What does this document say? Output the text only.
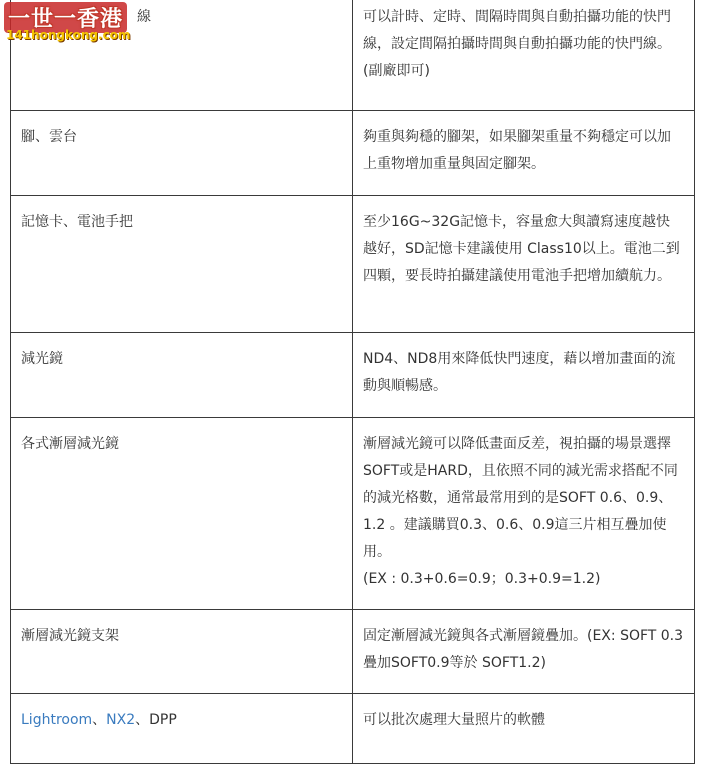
一世一香港
141hongkong.com
線	可以計時、定時、間隔時間與自動拍攝功能的快門線，設定間隔拍攝時間與自動拍攝功能的快門線。(副廠即可)

腳、雲台	夠重與夠穩的腳架，如果腳架重量不夠穩定可以加上重物增加重量與固定腳架。

記憶卡、電池手把	至少16G~32G記憶卡，容量愈大與讀寫速度越快越好，SD記憶卡建議使用 Class10以上。電池二到四顆，要長時拍攝建議使用電池手把增加續航力。

減光鏡	ND4、ND8用來降低快門速度，藉以增加畫面的流動與順暢感。

各式漸層減光鏡	漸層減光鏡可以降低畫面反差，視拍攝的場景選擇SOFT或是HARD，且依照不同的減光需求搭配不同的減光格數，通常最常用到的是SOFT 0.6、0.9、1.2 。建議購買0.3、0.6、0.9這三片相互疊加使用。
(EX : 0.3+0.6=0.9；0.3+0.9=1.2)

漸層減光鏡支架	固定漸層減光鏡與各式漸層鏡疊加。(EX: SOFT 0.3疊加SOFT0.9等於 SOFT1.2)

Lightroom、NX2、DPP	可以批次處理大量照片的軟體
